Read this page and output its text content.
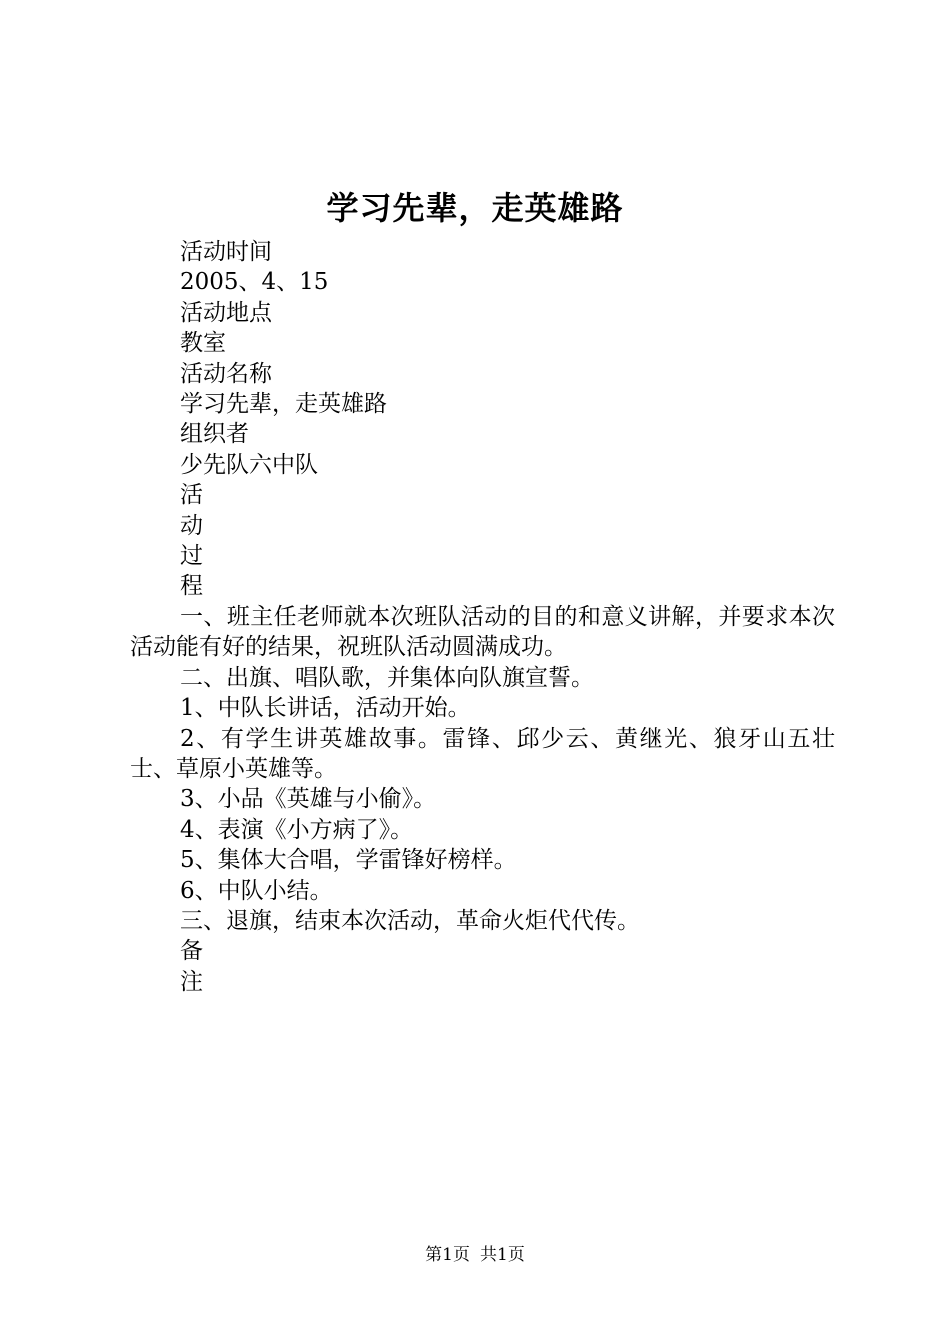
学习先辈，走英雄路
活动时间
2005、4、15
活动地点
教室
活动名称
学习先辈，走英雄路
组织者
少先队六中队
活
动
过
程

一、班主任老师就本次班队活动的目的和意义讲解，并要求本次活动能有好的结果，祝班队活动圆满成功。

二、出旗、唱队歌，并集体向队旗宣誓。

1、中队长讲话，活动开始。

2、有学生讲英雄故事。雷锋、邱少云、黄继光、狼牙山五壮士、草原小英雄等。

3、小品《英雄与小偷》。

4、表演《小方病了》。

5、集体大合唱，学雷锋好榜样。

6、中队小结。

三、退旗，结束本次活动，革命火炬代代传。

备
注
第1页 共1页
